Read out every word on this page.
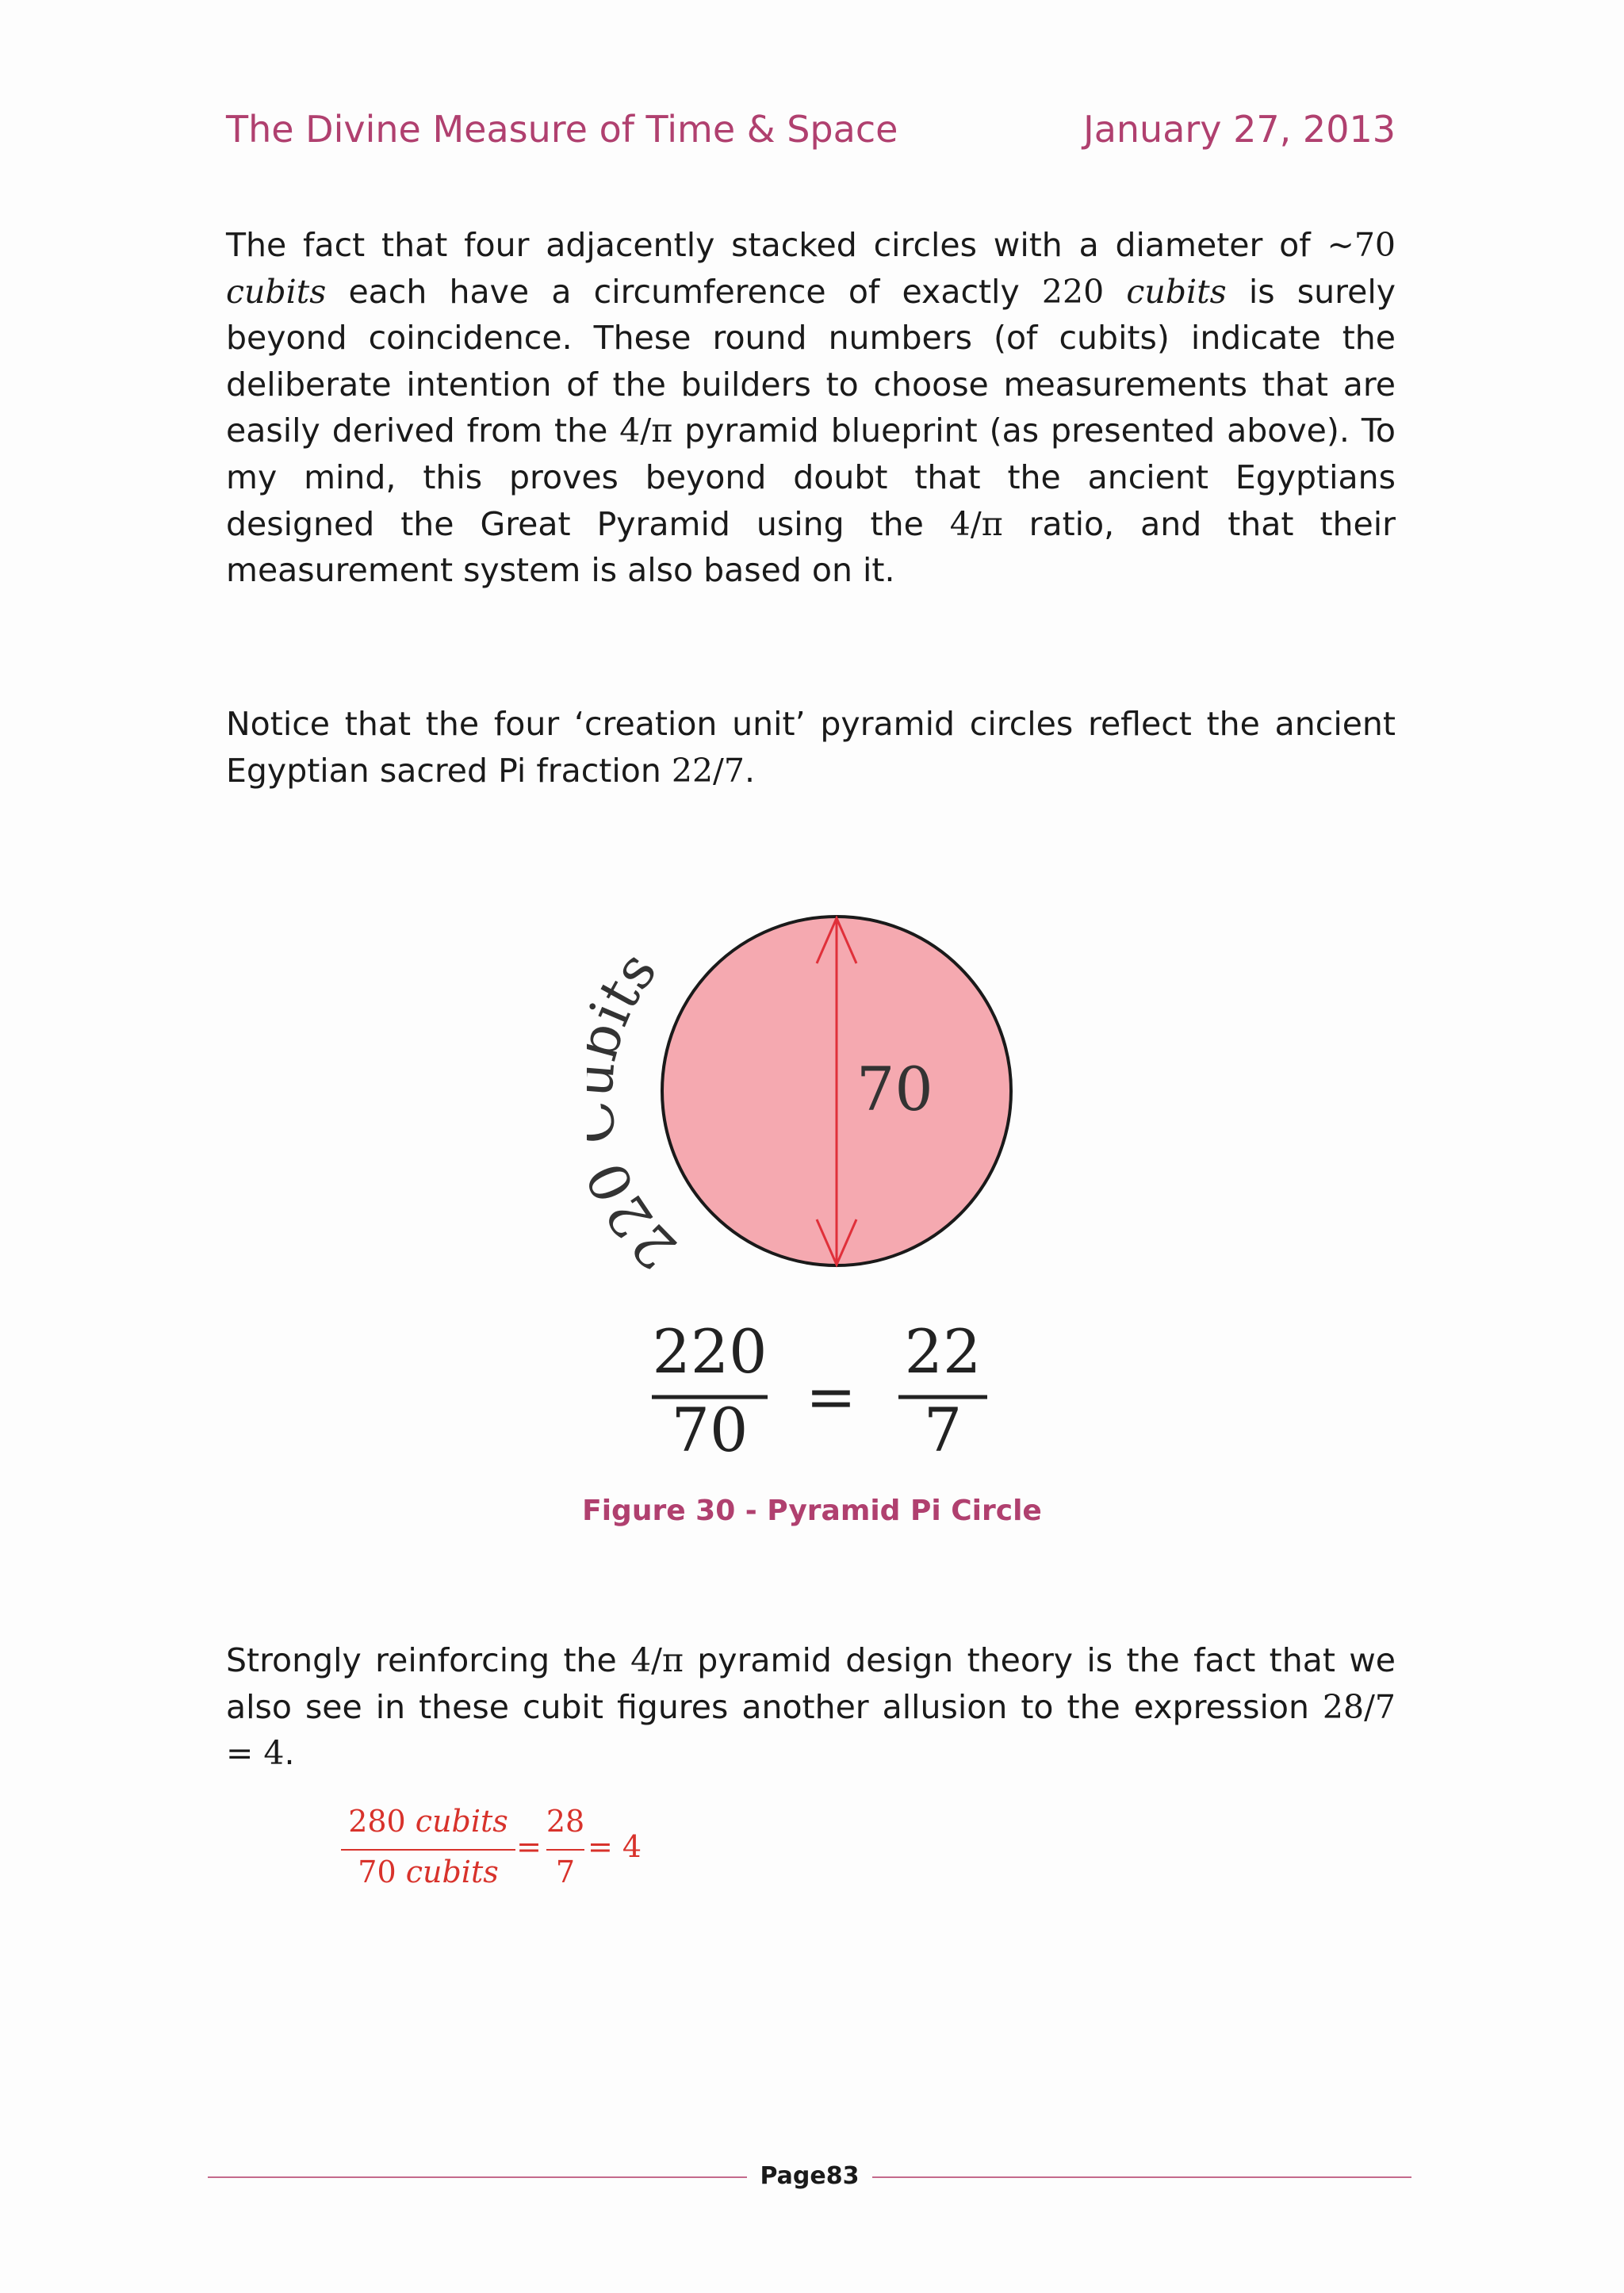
The Divine Measure of Time & Space	January 27, 2013
The fact that four adjacently stacked circles with a diameter of ~70 cubits each have a circumference of exactly 220 cubits is surely beyond coincidence. These round numbers (of cubits) indicate the deliberate intention of the builders to choose measurements that are easily derived from the 4/π pyramid blueprint (as presented above). To my mind, this proves beyond doubt that the ancient Egyptians designed the Great Pyramid using the 4/π ratio, and that their measurement system is also based on it.
Notice that the four ‘creation unit’ pyramid circles reflect the ancient Egyptian sacred Pi fraction 22/7.
70
22 ts
220
70 =
22
7
Figure 30 - Pyramid Pi Circle
Strongly reinforcing the 4/π pyramid design theory is the fact that we also see in these cubit figures another allusion to the expression 28/7 = 4.
280 cubits
70 cubits
=
28
7
= 4
Page83
